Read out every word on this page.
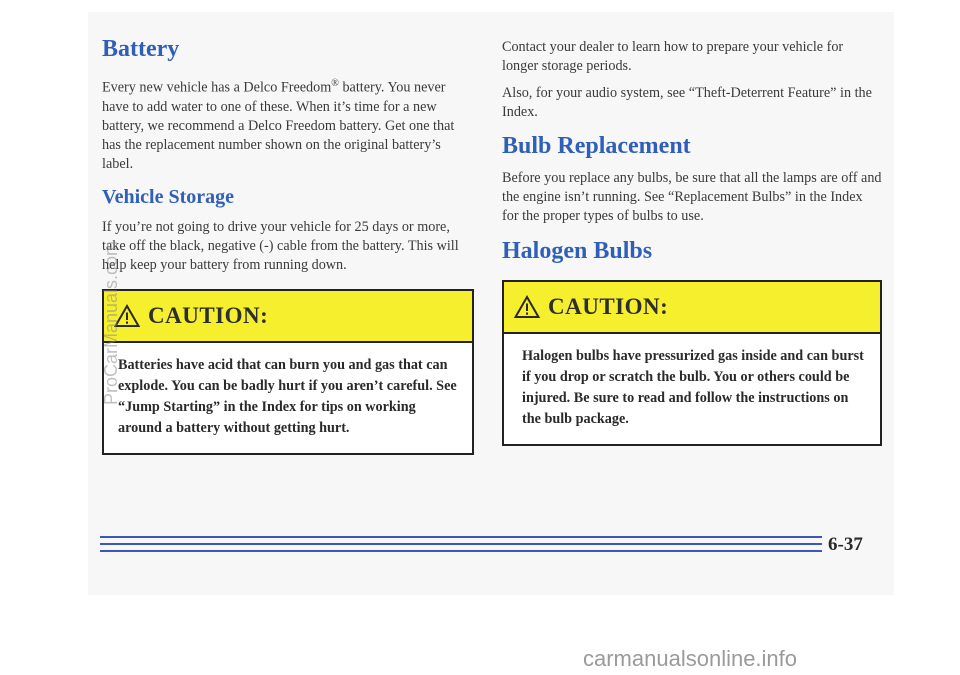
Battery

Every new vehicle has a Delco Freedom® battery. You never have to add water to one of these. When it’s time for a new battery, we recommend a Delco Freedom battery. Get one that has the replacement number shown on the original battery’s label.

Vehicle Storage

If you’re not going to drive your vehicle for 25 days or more, take off the black, negative (-) cable from the battery. This will help keep your battery from running down.

CAUTION:
Batteries have acid that can burn you and gas that can explode. You can be badly hurt if you aren’t careful. See “Jump Starting” in the Index for tips on working around a battery without getting hurt.

Contact your dealer to learn how to prepare your vehicle for longer storage periods.

Also, for your audio system, see “Theft-Deterrent Feature” in the Index.

Bulb Replacement

Before you replace any bulbs, be sure that all the lamps are off and the engine isn’t running. See “Replacement Bulbs” in the Index for the proper types of bulbs to use.

Halogen Bulbs
CAUTION:
Halogen bulbs have pressurized gas inside and can burst if you drop or scratch the bulb. You or others could be injured. Be sure to read and follow the instructions on the bulb package.
6-37
ProCarManuals.com
carmanualsonline.info
